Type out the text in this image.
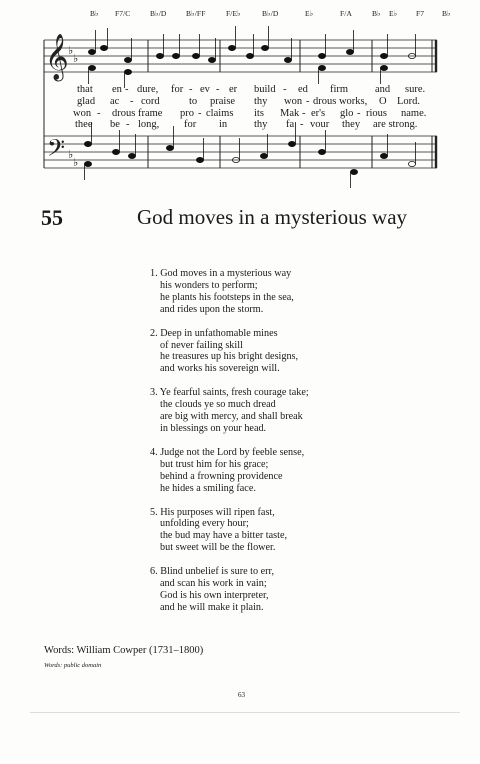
𝄞
𝄢
♭
♭
♭
♭
B♭ F7/C	B♭/D	B♭/FF	F/E♭	B♭/D	E♭	F/A	B♭ E♭ F7 B♭
that en - dure, for - ev - er build - ed firm	and sure.
glad ac - cord	to praise thy won - drous works, O Lord.
won - drous frame pro - claims its Mak - er's glo - rious name.
thee be - long, for in	thy fa - vour they are strong.
55	God moves in a mysterious way
1. God moves in a mysterious way
his wonders to perform;
he plants his footsteps in the sea,
and rides upon the storm.
2. Deep in unfathomable mines
of never failing skill
he treasures up his bright designs,
and works his sovereign will.
3. Ye fearful saints, fresh courage take;
the clouds ye so much dread
are big with mercy, and shall break
in blessings on your head.
4. Judge not the Lord by feeble sense,
but trust him for his grace;
behind a frowning providence
he hides a smiling face.
5. His purposes will ripen fast,
unfolding every hour;
the bud may have a bitter taste,
but sweet will be the flower.
6. Blind unbelief is sure to err,
and scan his work in vain;
God is his own interpreter,
and he will make it plain.
Words: William Cowper (1731–1800)
Words: public domain
63
